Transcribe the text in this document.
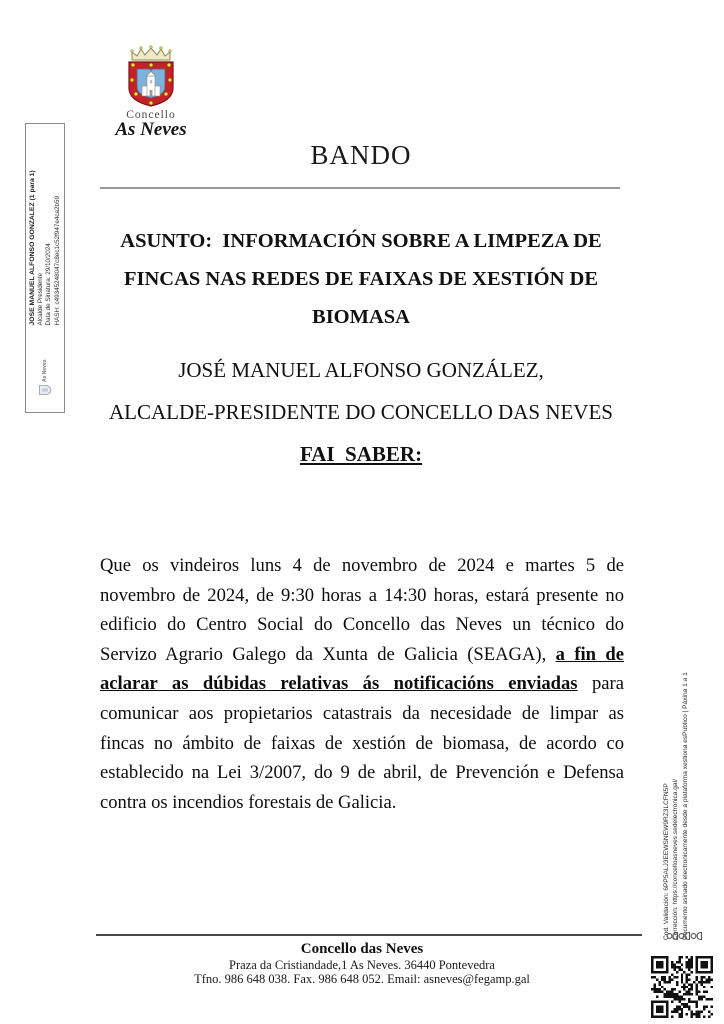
Concello
As Neves
BANDO
ASUNTO:  INFORMACIÓN SOBRE A LIMPEZA DE
FINCAS NAS REDES DE FAIXAS DE XESTIÓN DE
BIOMASA
JOSÉ MANUEL ALFONSO GONZÁLEZ,
ALCALDE-PRESIDENTE DO CONCELLO DAS NEVES
FAI  SABER:
Que os vindeiros luns 4 de novembro de 2024 e martes 5 de novembro de 2024, de 9:30 horas a 14:30 horas, estará presente no edificio do Centro Social do Concello das Neves un técnico do Servizo Agrario Galego da Xunta de Galicia (SEAGA), a fin de aclarar as dúbidas relativas ás notificacións enviadas para comunicar aos propietarios catastrais da necesidade de limpar as fincas no ámbito de faixas de xestión de biomasa, de acordo co establecido na Lei 3/2007, do 9 de abril, de Prevención e Defensa contra os incendios forestais de Galicia.
Concello das Neves
Praza da Cristiandade,1 As Neves. 36440 Pontevedra
Tfno. 986 648 038. Fax. 986 648 052. Email: asneves@fegamp.gal
As Neves
JOSE MANUEL ALFONSO GONZALEZ (1 para 1) Alcalde Presidente Data de Sinatura: 29/10/2024 HASH: c49345248047c8ec1c52f947e4ca2b59
Cod. Validación: 6PP5ALJ3EEWSNEW9RZ3LCFN5P Corrección: https://concelloasneves.sedelectronica.gal/ Documento asinado electronicamente desde a plataforma xestiona esPublico | Páxina 1 a 1
